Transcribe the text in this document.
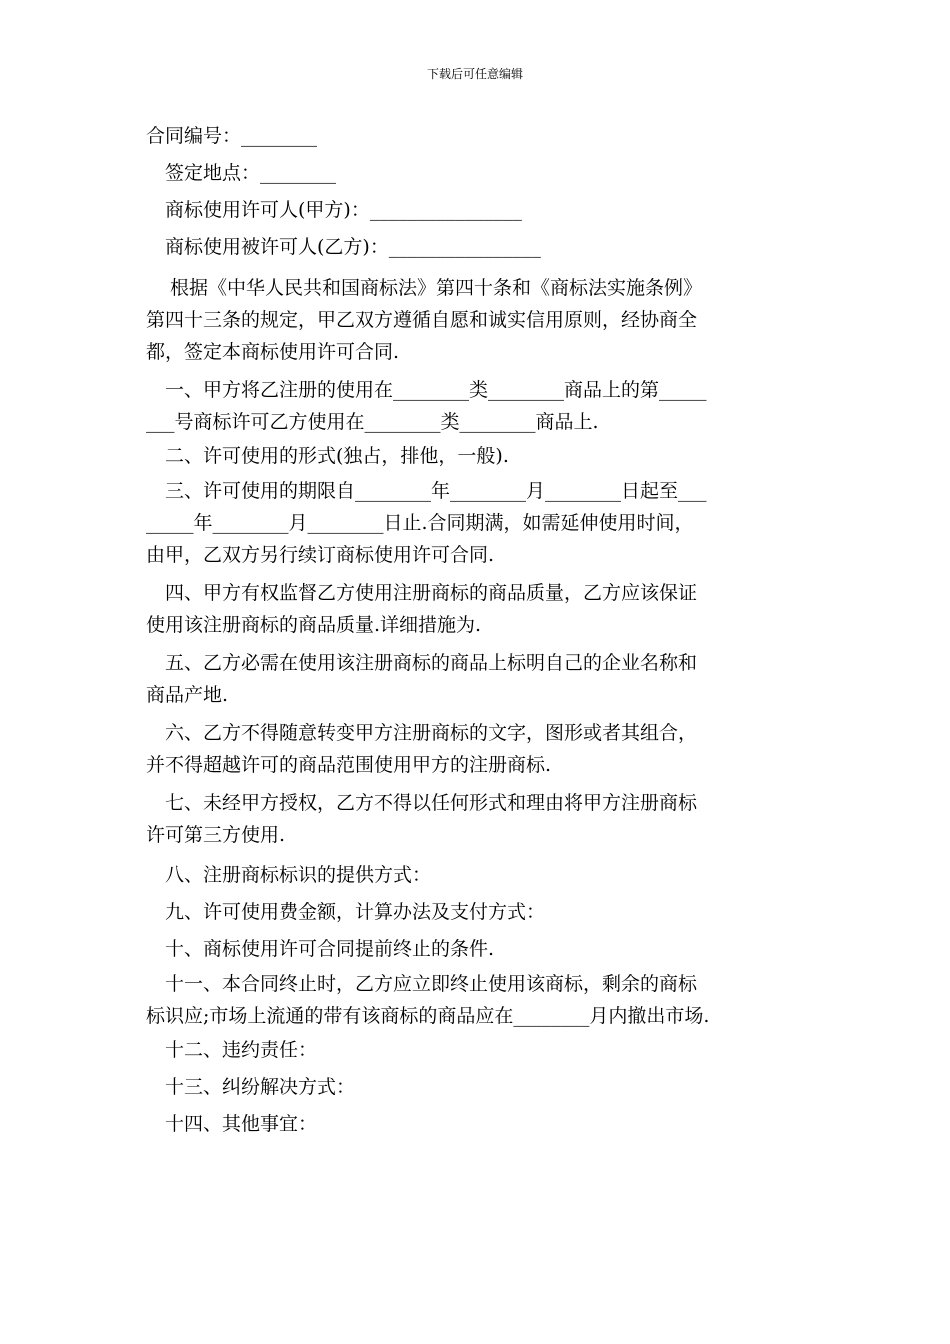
下载后可任意编辑
合同编号：________
签定地点：________
商标使用许可人(甲方)：________________
商标使用被许可人(乙方)：________________
根据《中华人民共和国商标法》第四十条和《商标法实施条例》
第四十三条的规定，甲乙双方遵循自愿和诚实信用原则，经协商全
都，签定本商标使用许可合同.
一、甲方将乙注册的使用在________类________商品上的第_____
___号商标许可乙方使用在________类________商品上.
二、许可使用的形式(独占，排他，一般).
三、许可使用的期限自________年________月________日起至___
_____年________月________日止.合同期满，如需延伸使用时间，
由甲，乙双方另行续订商标使用许可合同.
四、甲方有权监督乙方使用注册商标的商品质量，乙方应该保证
使用该注册商标的商品质量.详细措施为.
五、乙方必需在使用该注册商标的商品上标明自己的企业名称和
商品产地.
六、乙方不得随意转变甲方注册商标的文字，图形或者其组合，
并不得超越许可的商品范围使用甲方的注册商标.
七、未经甲方授权，乙方不得以任何形式和理由将甲方注册商标
许可第三方使用.
八、注册商标标识的提供方式：
九、许可使用费金额，计算办法及支付方式：
十、商标使用许可合同提前终止的条件.
十一、本合同终止时，乙方应立即终止使用该商标，剩余的商标
标识应;市场上流通的带有该商标的商品应在________月内撤出市场.
十二、违约责任：
十三、纠纷解决方式：
十四、其他事宜：
